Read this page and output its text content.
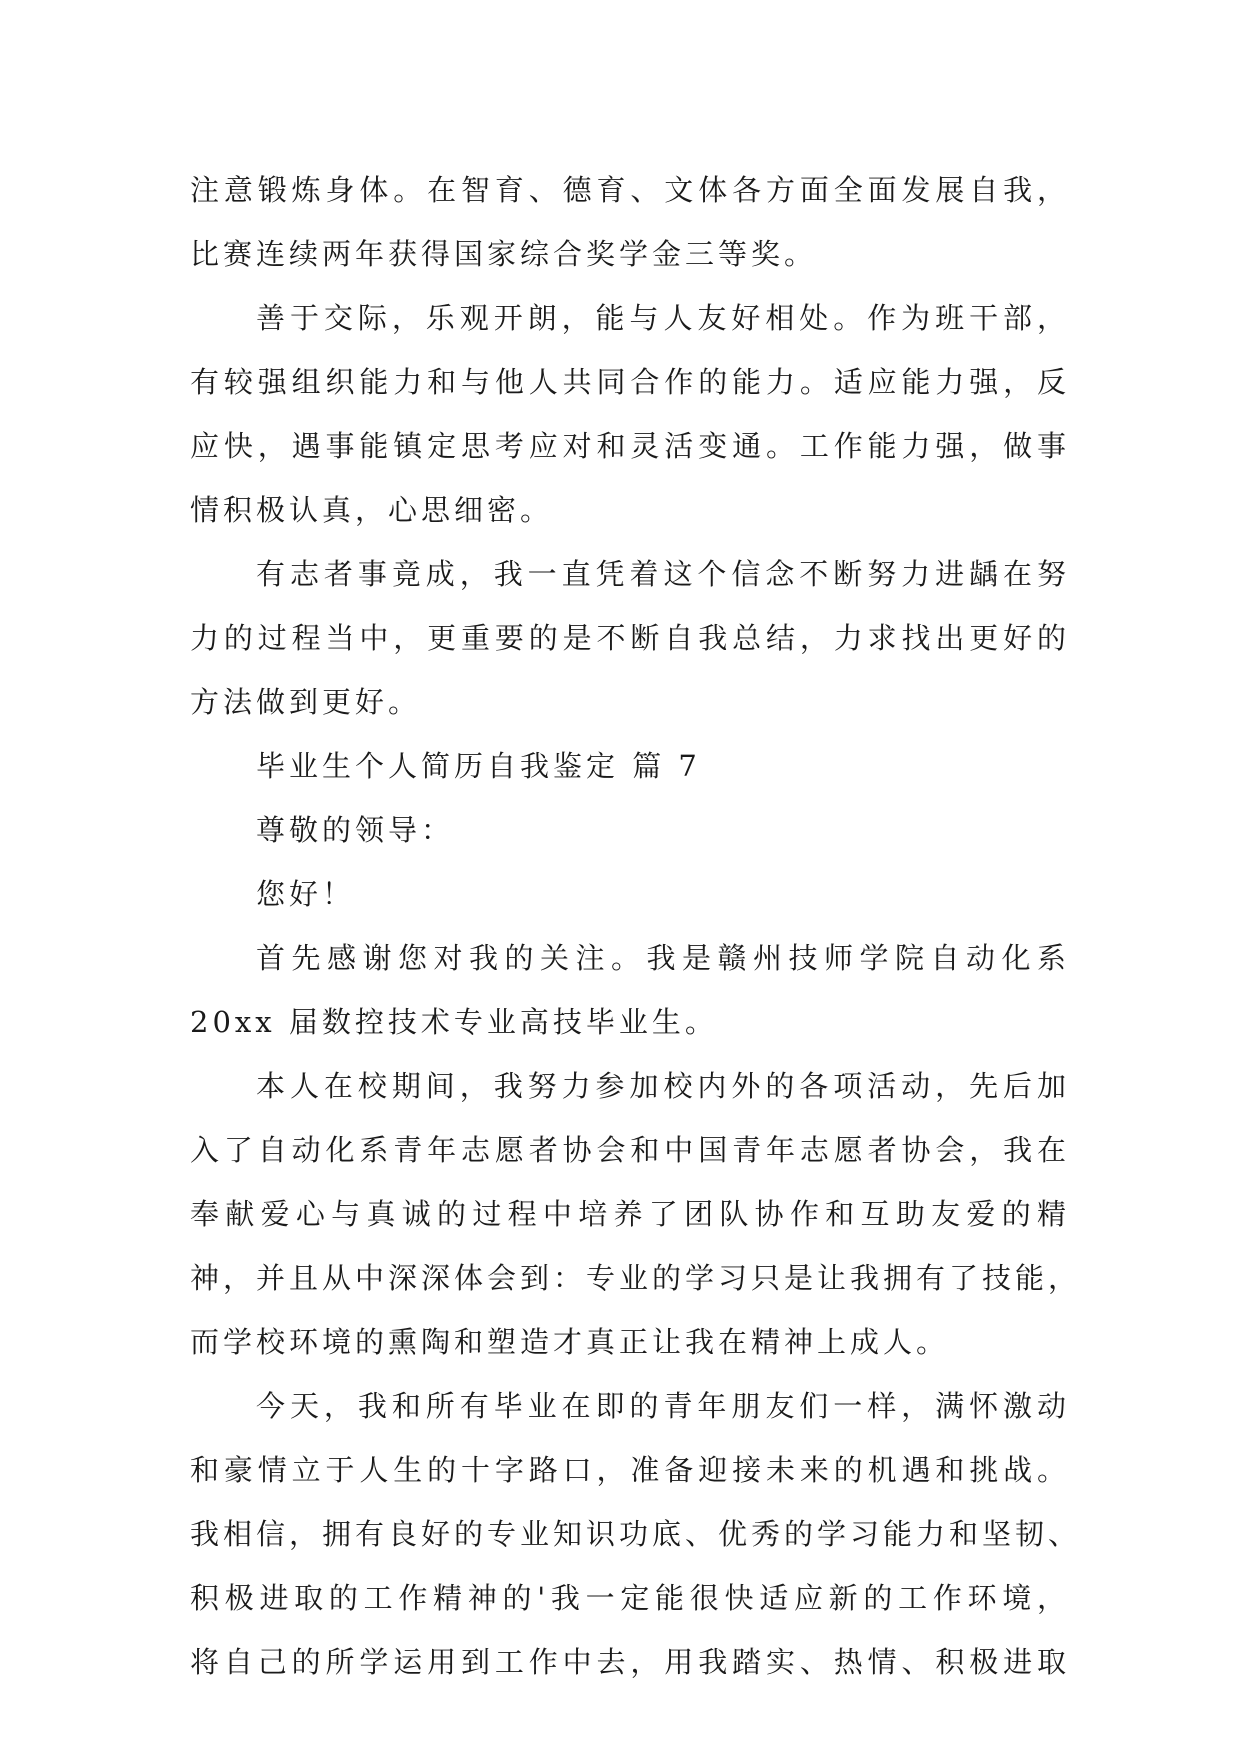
注意锻炼身体。在智育、德育、文体各方面全面发展自我，
比赛连续两年获得国家综合奖学金三等奖。
善于交际，乐观开朗，能与人友好相处。作为班干部，
有较强组织能力和与他人共同合作的能力。适应能力强，反
应快，遇事能镇定思考应对和灵活变通。工作能力强，做事
情积极认真，心思细密。
有志者事竟成，我一直凭着这个信念不断努力进龋在努
力的过程当中，更重要的是不断自我总结，力求找出更好的
方法做到更好。
毕业生个人简历自我鉴定 篇 7
尊敬的领导：
您好！
首先感谢您对我的关注。我是赣州技师学院自动化系
20xx 届数控技术专业高技毕业生。
本人在校期间，我努力参加校内外的各项活动，先后加
入了自动化系青年志愿者协会和中国青年志愿者协会，我在
奉献爱心与真诚的过程中培养了团队协作和互助友爱的精
神，并且从中深深体会到：专业的学习只是让我拥有了技能，
而学校环境的熏陶和塑造才真正让我在精神上成人。
今天，我和所有毕业在即的青年朋友们一样，满怀激动
和豪情立于人生的十字路口，准备迎接未来的机遇和挑战。
我相信，拥有良好的专业知识功底、优秀的学习能力和坚韧、
积极进取的工作精神的'我一定能很快适应新的工作环境，
将自己的所学运用到工作中去，用我踏实、热情、积极进取
